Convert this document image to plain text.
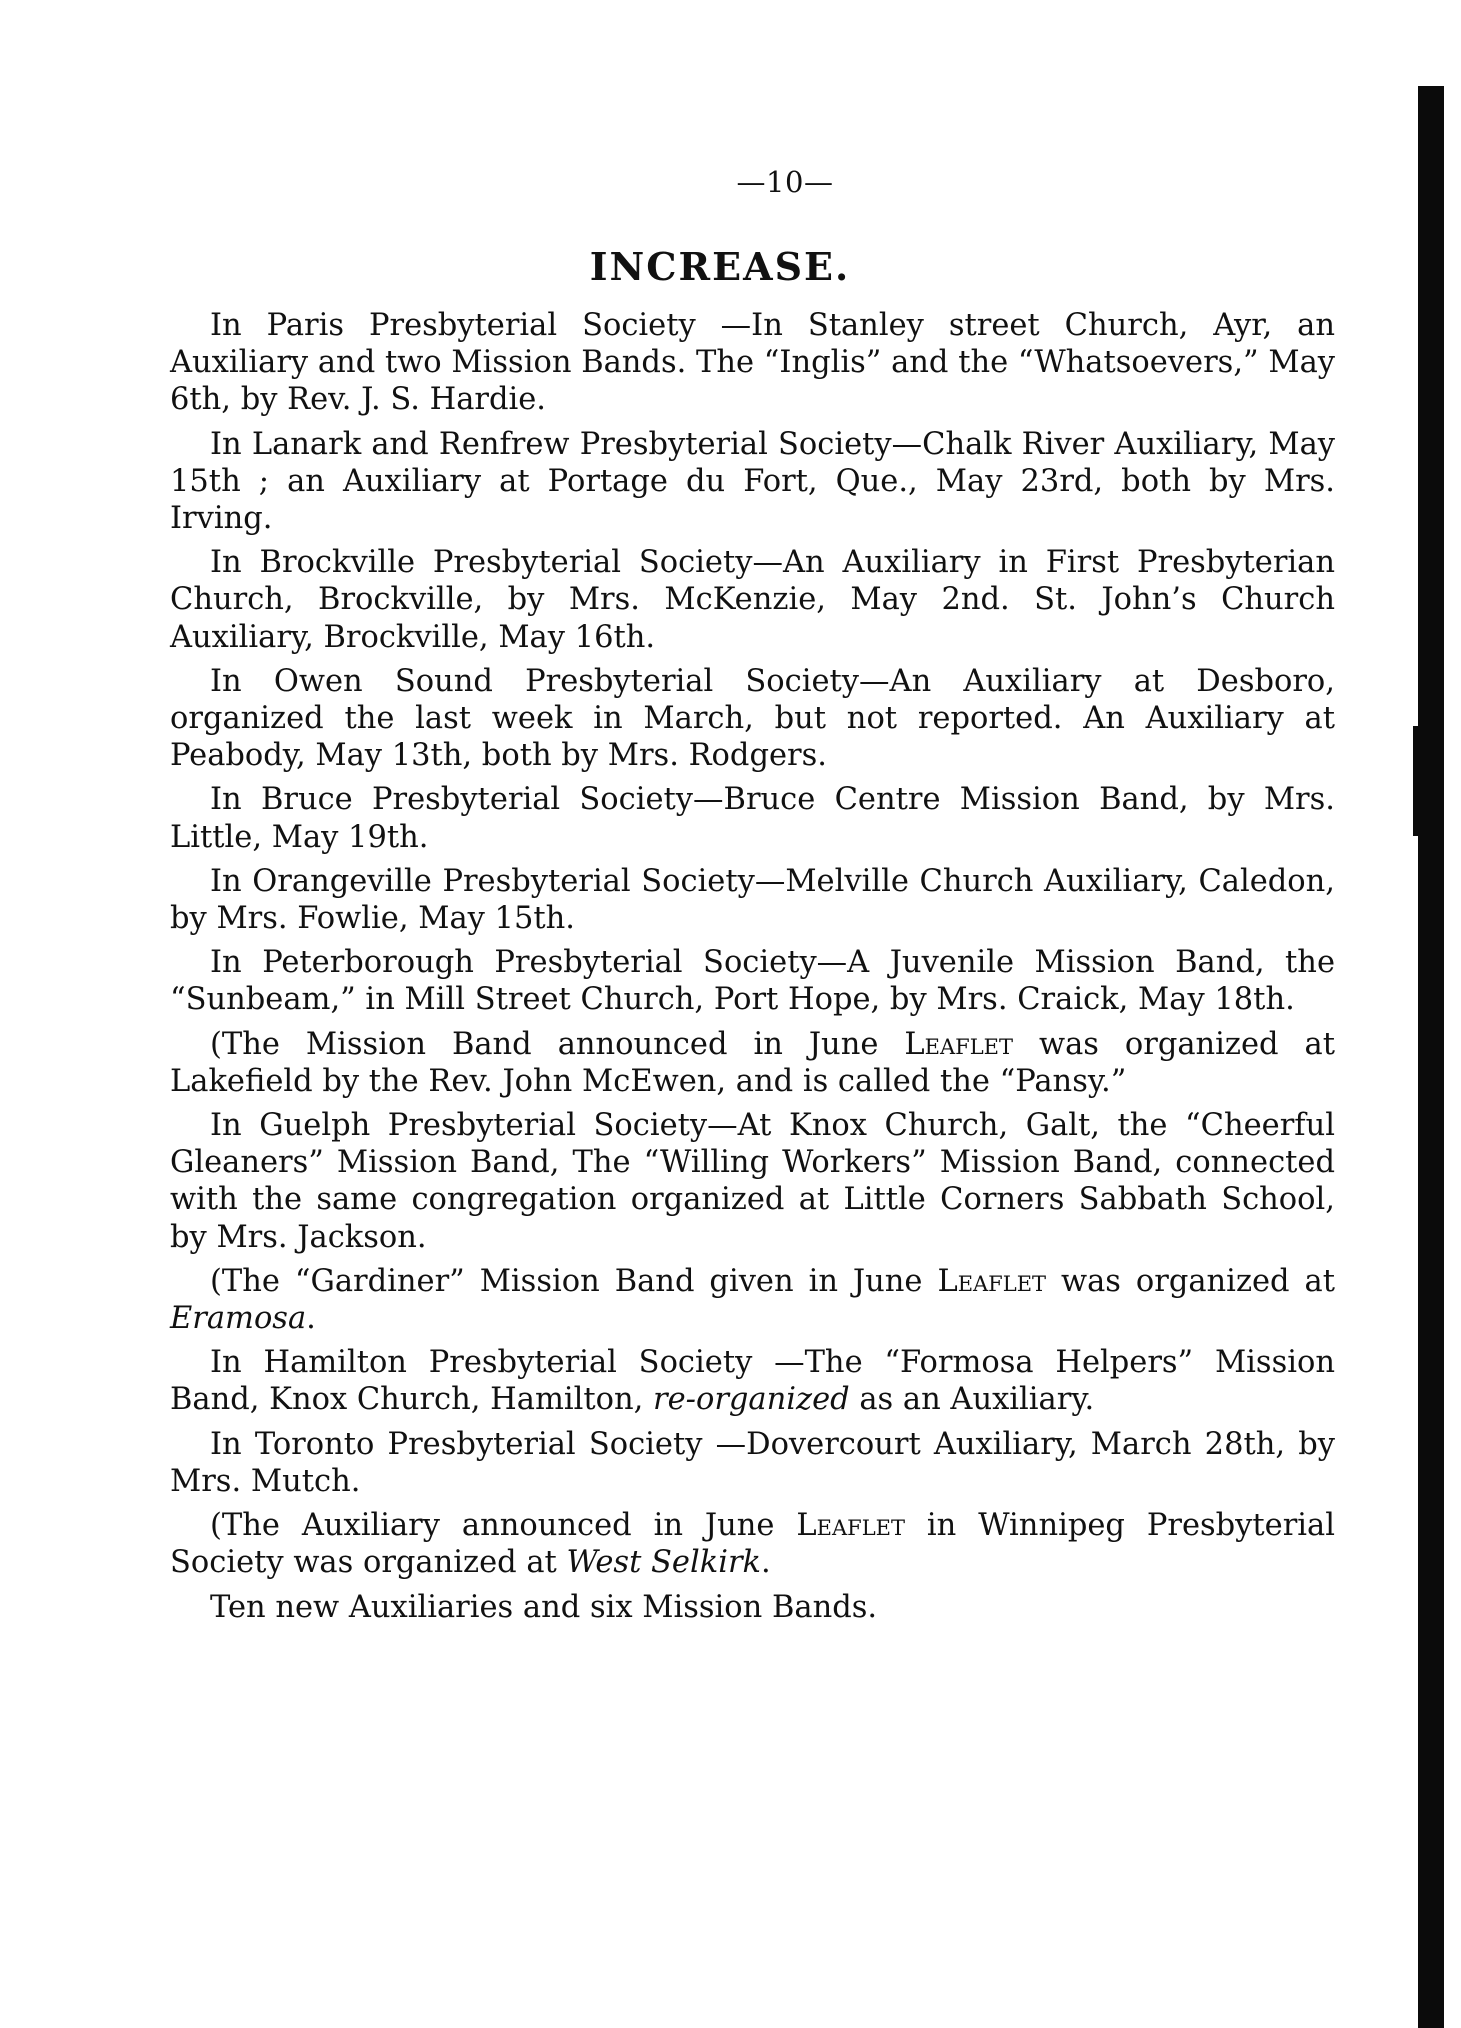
—10—
INCREASE.

In Paris Presbyterial Society —In Stanley street Church, Ayr, an Auxiliary and two Mission Bands. The “Inglis” and the “Whatsoevers,” May 6th, by Rev. J. S. Hardie.

In Lanark and Renfrew Presbyterial Society—Chalk River Auxiliary, May 15th ; an Auxiliary at Portage du Fort, Que., May 23rd, both by Mrs. Irving.

In Brockville Presbyterial Society—An Auxiliary in First Presbyterian Church, Brockville, by Mrs. McKenzie, May 2nd. St. John’s Church Auxiliary, Brockville, May 16th.

In Owen Sound Presbyterial Society—An Auxiliary at Desboro, organized the last week in March, but not reported. An Auxiliary at Peabody, May 13th, both by Mrs. Rodgers.

In Bruce Presbyterial Society—Bruce Centre Mission Band, by Mrs. Little, May 19th.

In Orangeville Presbyterial Society—Melville Church Auxiliary, Caledon, by Mrs. Fowlie, May 15th.

In Peterborough Presbyterial Society—A Juvenile Mission Band, the “Sunbeam,” in Mill Street Church, Port Hope, by Mrs. Craick, May 18th.

(The Mission Band announced in June Leaflet was organized at Lakefield by the Rev. John McEwen, and is called the “Pansy.”

In Guelph Presbyterial Society—At Knox Church, Galt, the “Cheerful Gleaners” Mission Band, The “Willing Workers” Mission Band, connected with the same congregation organized at Little Corners Sabbath School, by Mrs. Jackson.

(The “Gardiner” Mission Band given in June Leaflet was organized at Eramosa.

In Hamilton Presbyterial Society —The “Formosa Helpers” Mission Band, Knox Church, Hamilton, re-organized as an Auxiliary.

In Toronto Presbyterial Society —Dovercourt Auxiliary, March 28th, by Mrs. Mutch.

(The Auxiliary announced in June Leaflet in Winnipeg Presbyterial Society was organized at West Selkirk.

Ten new Auxiliaries and six Mission Bands.
